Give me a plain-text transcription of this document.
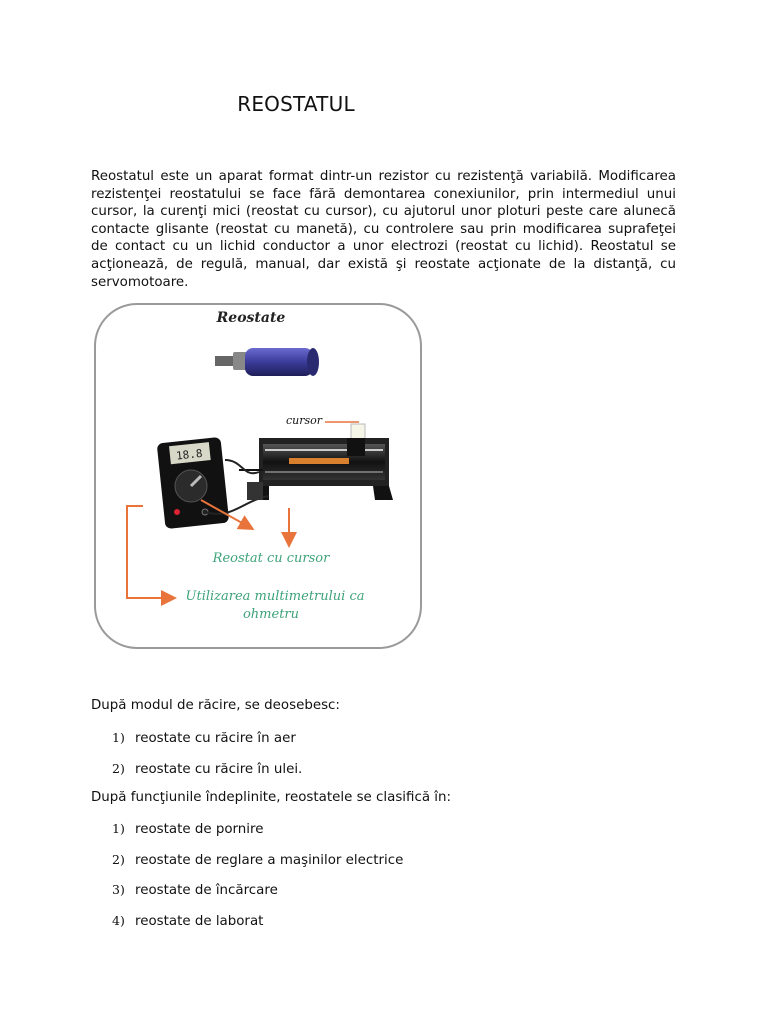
REOSTATUL

Reostatul este un aparat format dintr-un rezistor cu rezistenţă variabilă. Modificarea rezistenţei reostatului se face fără demontarea conexiunilor, prin intermediul unui cursor, la curenţi mici (reostat cu cursor), cu ajutorul unor ploturi peste care alunecă contacte glisante (reostat cu manetă), cu controlere sau prin modificarea suprafeţei de contact cu un lichid conductor a unor electrozi (reostat cu lichid). Reostatul se acţionează, de regulă, manual, dar există şi reostate acţionate de la distanţă, cu servomotoare.

Reostate
cursor
18.8
Reostat cu cursor
Utilizarea multimetrului ca
ohmetru

După modul de răcire, se deosebesc:

1) reostate cu răcire în aer
2) reostate cu răcire în ulei.

După funcţiunile îndeplinite, reostatele se clasifică în:

1) reostate de pornire
2) reostate de reglare a maşinilor electrice
3) reostate de încărcare
4) reostate de laborat
